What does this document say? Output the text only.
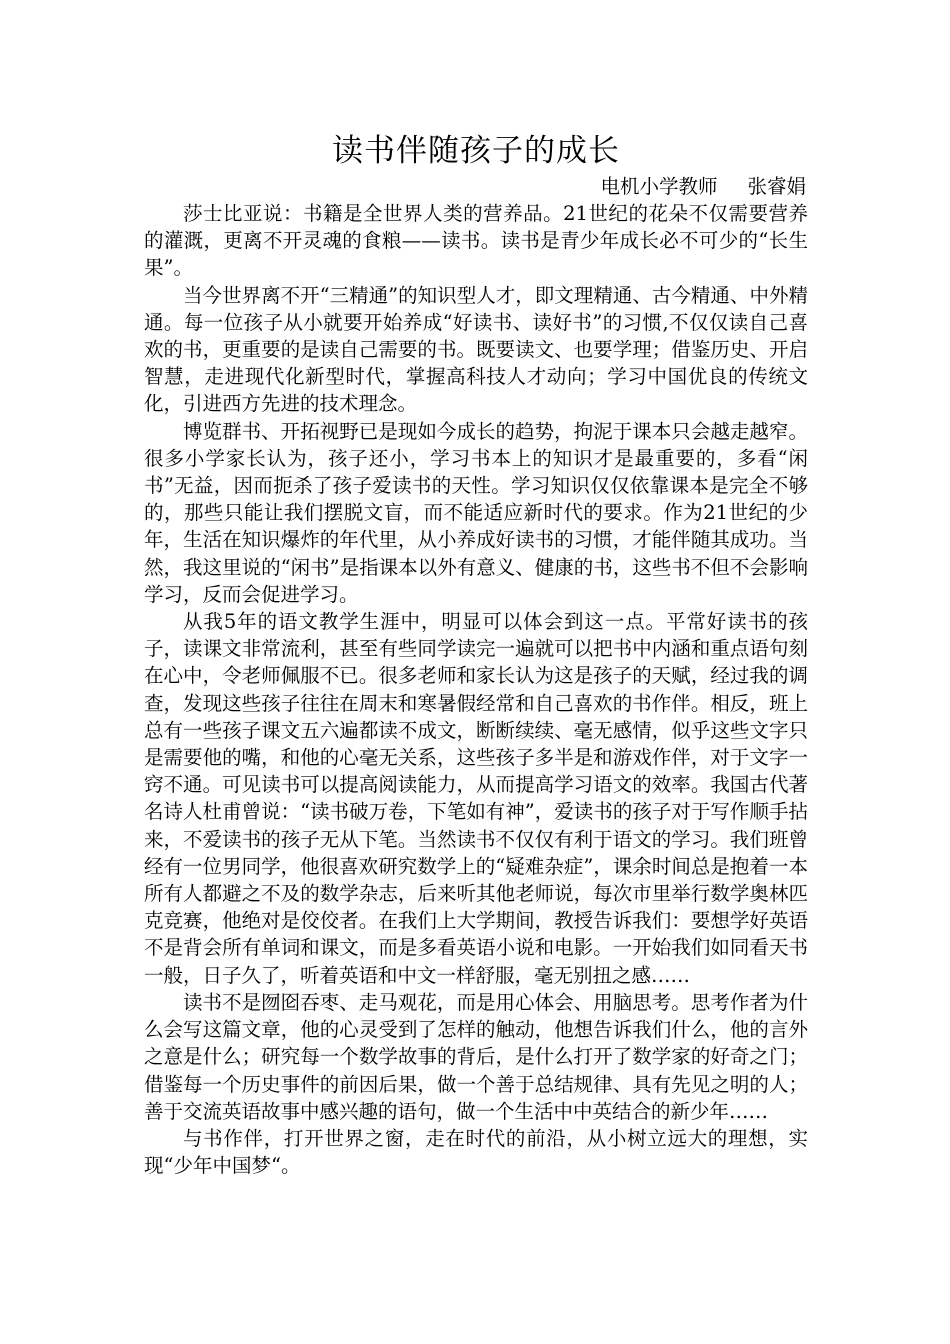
读书伴随孩子的成长

电机小学教师 张睿娟

莎士比亚说：书籍是全世界人类的营养品。21世纪的花朵不仅需要营养的灌溉，更离不开灵魂的食粮——读书。读书是青少年成长必不可少的“长生果”。

当今世界离不开“三精通”的知识型人才，即文理精通、古今精通、中外精通。每一位孩子从小就要开始养成“好读书、读好书”的习惯,不仅仅读自己喜欢的书，更重要的是读自己需要的书。既要读文、也要学理；借鉴历史、开启智慧，走进现代化新型时代，掌握高科技人才动向；学习中国优良的传统文化，引进西方先进的技术理念。

博览群书、开拓视野已是现如今成长的趋势，拘泥于课本只会越走越窄。很多小学家长认为，孩子还小，学习书本上的知识才是最重要的，多看“闲书”无益，因而扼杀了孩子爱读书的天性。学习知识仅仅依靠课本是完全不够的，那些只能让我们摆脱文盲，而不能适应新时代的要求。作为21世纪的少年，生活在知识爆炸的年代里，从小养成好读书的习惯，才能伴随其成功。当然，我这里说的“闲书”是指课本以外有意义、健康的书，这些书不但不会影响学习，反而会促进学习。

从我5年的语文教学生涯中，明显可以体会到这一点。平常好读书的孩子，读课文非常流利，甚至有些同学读完一遍就可以把书中内涵和重点语句刻在心中，令老师佩服不已。很多老师和家长认为这是孩子的天赋，经过我的调查，发现这些孩子往往在周末和寒暑假经常和自己喜欢的书作伴。相反，班上总有一些孩子课文五六遍都读不成文，断断续续、毫无感情，似乎这些文字只是需要他的嘴，和他的心毫无关系，这些孩子多半是和游戏作伴，对于文字一窍不通。可见读书可以提高阅读能力，从而提高学习语文的效率。我国古代著名诗人杜甫曾说：“读书破万卷，下笔如有神”，爱读书的孩子对于写作顺手拈来，不爱读书的孩子无从下笔。当然读书不仅仅有利于语文的学习。我们班曾经有一位男同学，他很喜欢研究数学上的“疑难杂症”，课余时间总是抱着一本所有人都避之不及的数学杂志，后来听其他老师说，每次市里举行数学奥林匹克竞赛，他绝对是佼佼者。在我们上大学期间，教授告诉我们：要想学好英语不是背会所有单词和课文，而是多看英语小说和电影。一开始我们如同看天书一般，日子久了，听着英语和中文一样舒服，毫无别扭之感……

读书不是囫囵吞枣、走马观花，而是用心体会、用脑思考。思考作者为什么会写这篇文章，他的心灵受到了怎样的触动，他想告诉我们什么，他的言外之意是什么；研究每一个数学故事的背后，是什么打开了数学家的好奇之门；借鉴每一个历史事件的前因后果，做一个善于总结规律、具有先见之明的人；善于交流英语故事中感兴趣的语句，做一个生活中中英结合的新少年……

与书作伴，打开世界之窗，走在时代的前沿，从小树立远大的理想，实现“少年中国梦“。
